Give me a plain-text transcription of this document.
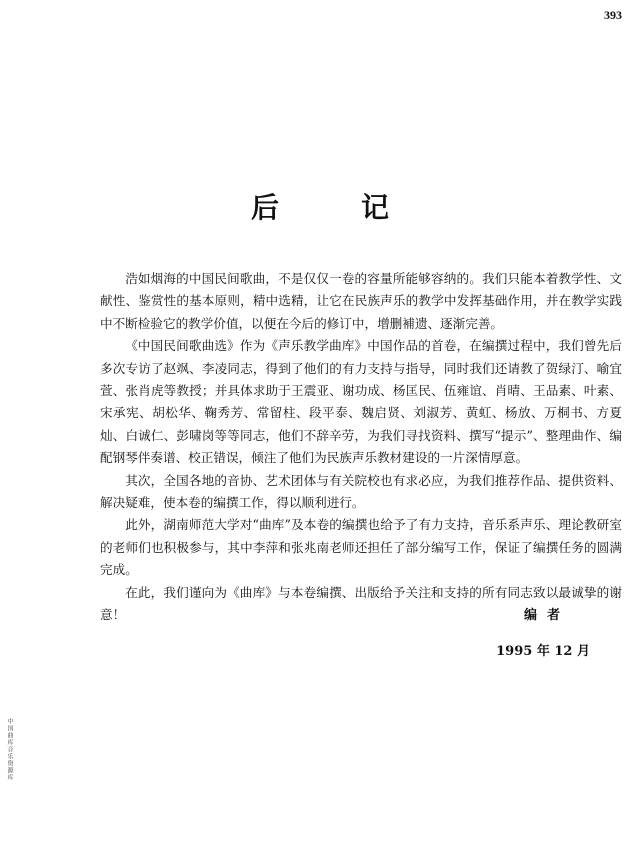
393
后	记

浩如烟海的中国民间歌曲，不是仅仅一卷的容量所能够容纳的。我们只能本着教学性、文献性、鉴赏性的基本原则，精中选精，让它在民族声乐的教学中发挥基础作用，并在教学实践中不断检验它的教学价值，以便在今后的修订中，增删補遗、逐渐完善。

《中国民间歌曲选》作为《声乐教学曲库》中国作品的首卷，在编撰过程中，我们曾先后多次专访了赵飒、李凌同志，得到了他们的有力支持与指导，同时我们还请教了贺绿汀、喻宜萱、张肖虎等教授；并具体求助于王震亚、谢功成、杨匡民、伍雍谊、肖晴、王品素、叶素、宋承宪、胡松华、鞠秀芳、常留柱、段平泰、魏启贤、刘淑芳、黄虹、杨放、万桐书、方夏灿、白诚仁、彭啸岗等等同志，他们不辞辛劳，为我们寻找资料、撰写“提示”、整理曲作、编配钢琴伴奏谱、校正错误，倾注了他们为民族声乐教材建设的一片深情厚意。

其次，全国各地的音协、艺术团体与有关院校也有求必应，为我们推荐作品、提供资料、解决疑难，使本卷的编撰工作，得以顺利进行。

此外，湖南师范大学对“曲库”及本卷的编撰也给予了有力支持，音乐系声乐、理论教研室的老师们也积极参与，其中李萍和张兆南老师还担任了部分编写工作，保证了编撰任务的圆满完成。

在此，我们谨向为《曲库》与本卷编撰、出版给予关注和支持的所有同志致以最诚挚的谢意！	编者
1995 年 12 月
中国曲库音乐资源库
